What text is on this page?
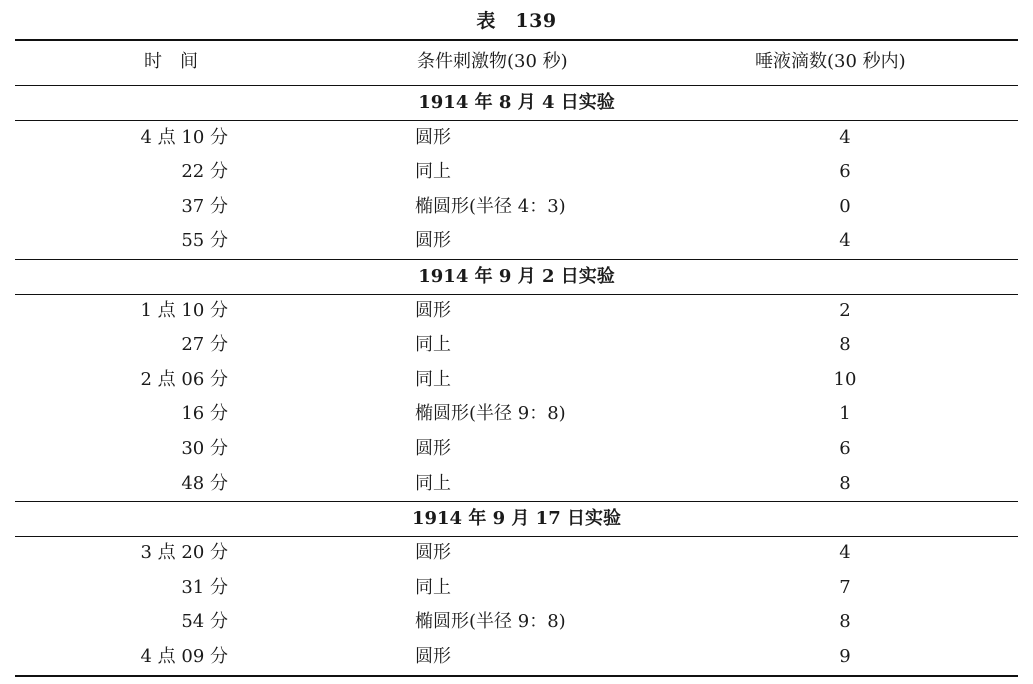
表　139
时间	条件刺激物(30 秒)	唾液滴数(30 秒内)
1914 年 8 月 4 日实验
4 点 10 分	圆形	4
22 分	同上	6
37 分	椭圆形(半径 4：3)	0
55 分	圆形	4
1914 年 9 月 2 日实验
1 点 10 分	圆形	2
27 分	同上	8
2 点 06 分	同上	10
16 分	椭圆形(半径 9：8)	1
30 分	圆形	6
48 分	同上	8
1914 年 9 月 17 日实验
3 点 20 分	圆形	4
31 分	同上	7
54 分	椭圆形(半径 9：8)	8
4 点 09 分	圆形	9
